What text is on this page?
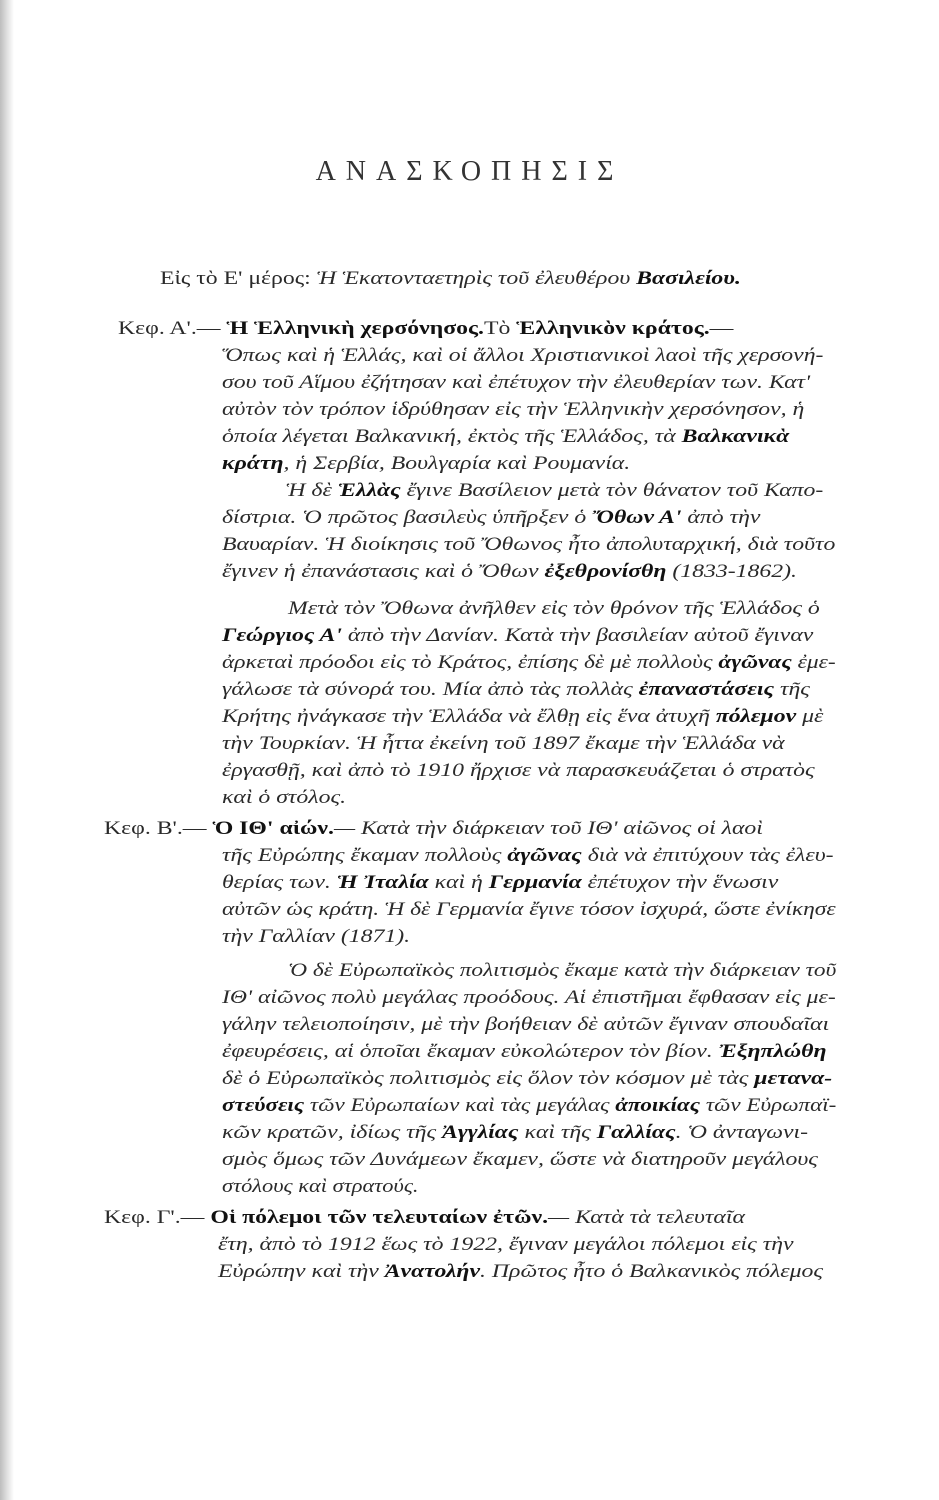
ΑΝΑΣΚΟΠΗΣΙΣ
Εἰς τὸ Ε' μέρος: Ἡ Ἑκατονταετηρὶς τοῦ ἐλευθέρου Βασιλείου.
Κεφ. Α'.— Ἡ Ἑλληνικὴ χερσόνησος.Τὸ Ἑλληνικὸν κράτος.—
Ὅπως καὶ ἡ Ἑλλάς, καὶ οἱ ἄλλοι Χριστιανικοὶ λαοὶ τῆς χερσονή-
σου τοῦ Αἵμου ἐζήτησαν καὶ ἐπέτυχον τὴν ἐλευθερίαν των. Κατ'
αὐτὸν τὸν τρόπον ἱδρύθησαν εἰς τὴν Ἑλληνικὴν χερσόνησον, ἡ
ὁποία λέγεται Βαλκανική, ἐκτὸς τῆς Ἑλλάδος, τὰ Βαλκανικὰ
κράτη, ἡ Σερβία, Βουλγαρία καὶ Ρουμανία.
Ἡ δὲ Ἑλλὰς ἔγινε Βασίλειον μετὰ τὸν θάνατον τοῦ Καπο-
δίστρια. Ὁ πρῶτος βασιλεὺς ὑπῆρξεν ὁ Ὄθων Α' ἀπὸ τὴν
Βαυαρίαν. Ἡ διοίκησις τοῦ Ὄθωνος ἦτο ἀπολυταρχική, διὰ τοῦτο
ἔγινεν ἡ ἐπανάστασις καὶ ὁ Ὄθων ἐξεθρονίσθη (1833-1862).
Μετὰ τὸν Ὄθωνα ἀνῆλθεν εἰς τὸν θρόνον τῆς Ἑλλάδος ὁ
Γεώργιος Α' ἀπὸ τὴν Δανίαν. Κατὰ τὴν βασιλείαν αὐτοῦ ἔγιναν
ἀρκεταὶ πρόοδοι εἰς τὸ Κράτος, ἐπίσης δὲ μὲ πολλοὺς ἀγῶνας ἐμε-
γάλωσε τὰ σύνορά του. Μία ἀπὸ τὰς πολλὰς ἐπαναστάσεις τῆς
Κρήτης ἠνάγκασε τὴν Ἑλλάδα νὰ ἔλθῃ εἰς ἕνα ἀτυχῆ πόλεμον μὲ
τὴν Τουρκίαν. Ἡ ἧττα ἐκείνη τοῦ 1897 ἔκαμε τὴν Ἑλλάδα νὰ
ἐργασθῇ, καὶ ἀπὸ τὸ 1910 ἤρχισε νὰ παρασκευάζεται ὁ στρατὸς
καὶ ὁ στόλος.
Κεφ. Β'.— Ὁ ΙΘ' αἰών.— Κατὰ τὴν διάρκειαν τοῦ ΙΘ' αἰῶνος οἱ λαοὶ
τῆς Εὐρώπης ἔκαμαν πολλοὺς ἀγῶνας διὰ νὰ ἐπιτύχουν τὰς ἐλευ-
θερίας των. Ἡ Ἰταλία καὶ ἡ Γερμανία ἐπέτυχον τὴν ἕνωσιν
αὐτῶν ὡς κράτη. Ἡ δὲ Γερμανία ἔγινε τόσον ἰσχυρά, ὥστε ἐνίκησε
τὴν Γαλλίαν (1871).
Ὁ δὲ Εὐρωπαϊκὸς πολιτισμὸς ἔκαμε κατὰ τὴν διάρκειαν τοῦ
ΙΘ' αἰῶνος πολὺ μεγάλας προόδους. Αἱ ἐπιστῆμαι ἔφθασαν εἰς με-
γάλην τελειοποίησιν, μὲ τὴν βοήθειαν δὲ αὐτῶν ἔγιναν σπουδαῖαι
ἐφευρέσεις, αἱ ὁποῖαι ἔκαμαν εὐκολώτερον τὸν βίον. Ἐξηπλώθη
δὲ ὁ Εὐρωπαϊκὸς πολιτισμὸς εἰς ὅλον τὸν κόσμον μὲ τὰς μετανα-
στεύσεις τῶν Εὐρωπαίων καὶ τὰς μεγάλας ἀποικίας τῶν Εὐρωπαϊ-
κῶν κρατῶν, ἰδίως τῆς Ἀγγλίας καὶ τῆς Γαλλίας. Ὁ ἀνταγωνι-
σμὸς ὅμως τῶν Δυνάμεων ἔκαμεν, ὥστε νὰ διατηροῦν μεγάλους
στόλους καὶ στρατούς.
Κεφ. Γ'.— Οἱ πόλεμοι τῶν τελευταίων ἐτῶν.— Κατὰ τὰ τελευταῖα
ἔτη, ἀπὸ τὸ 1912 ἕως τὸ 1922, ἔγιναν μεγάλοι πόλεμοι εἰς τὴν
Εὐρώπην καὶ τὴν Ἀνατολήν. Πρῶτος ἦτο ὁ Βαλκανικὸς πόλεμος
